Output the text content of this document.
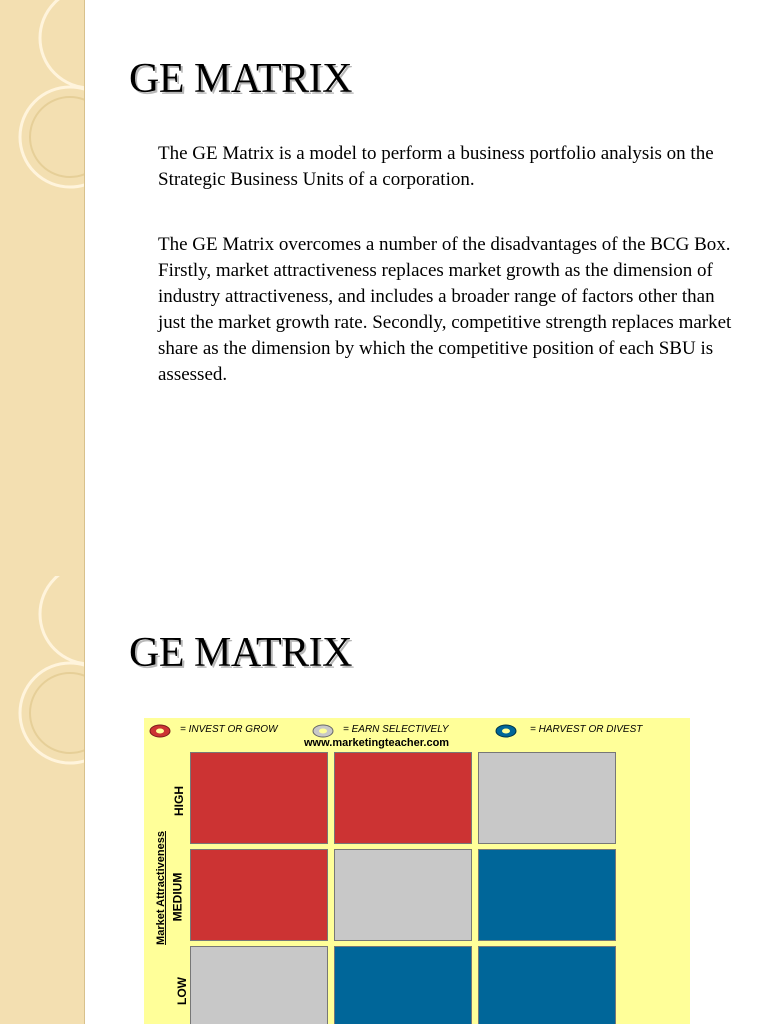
GE MATRIX

The GE Matrix is a model to perform a business portfolio analysis on the Strategic Business Units of a corporation.

The GE Matrix overcomes a number of the disadvantages of the BCG Box. Firstly, market attractiveness replaces market growth as the dimension of industry attractiveness, and includes a broader range of factors other than just the market growth rate. Secondly, competitive strength replaces market share as the dimension by which the competitive position of each SBU is assessed.

GE MATRIX
= INVEST OR GROW	= EARN SELECTIVELY	= HARVEST OR DIVEST
www.marketingteacher.com
Market Attractiveness
HIGH
MEDIUM
LOW
